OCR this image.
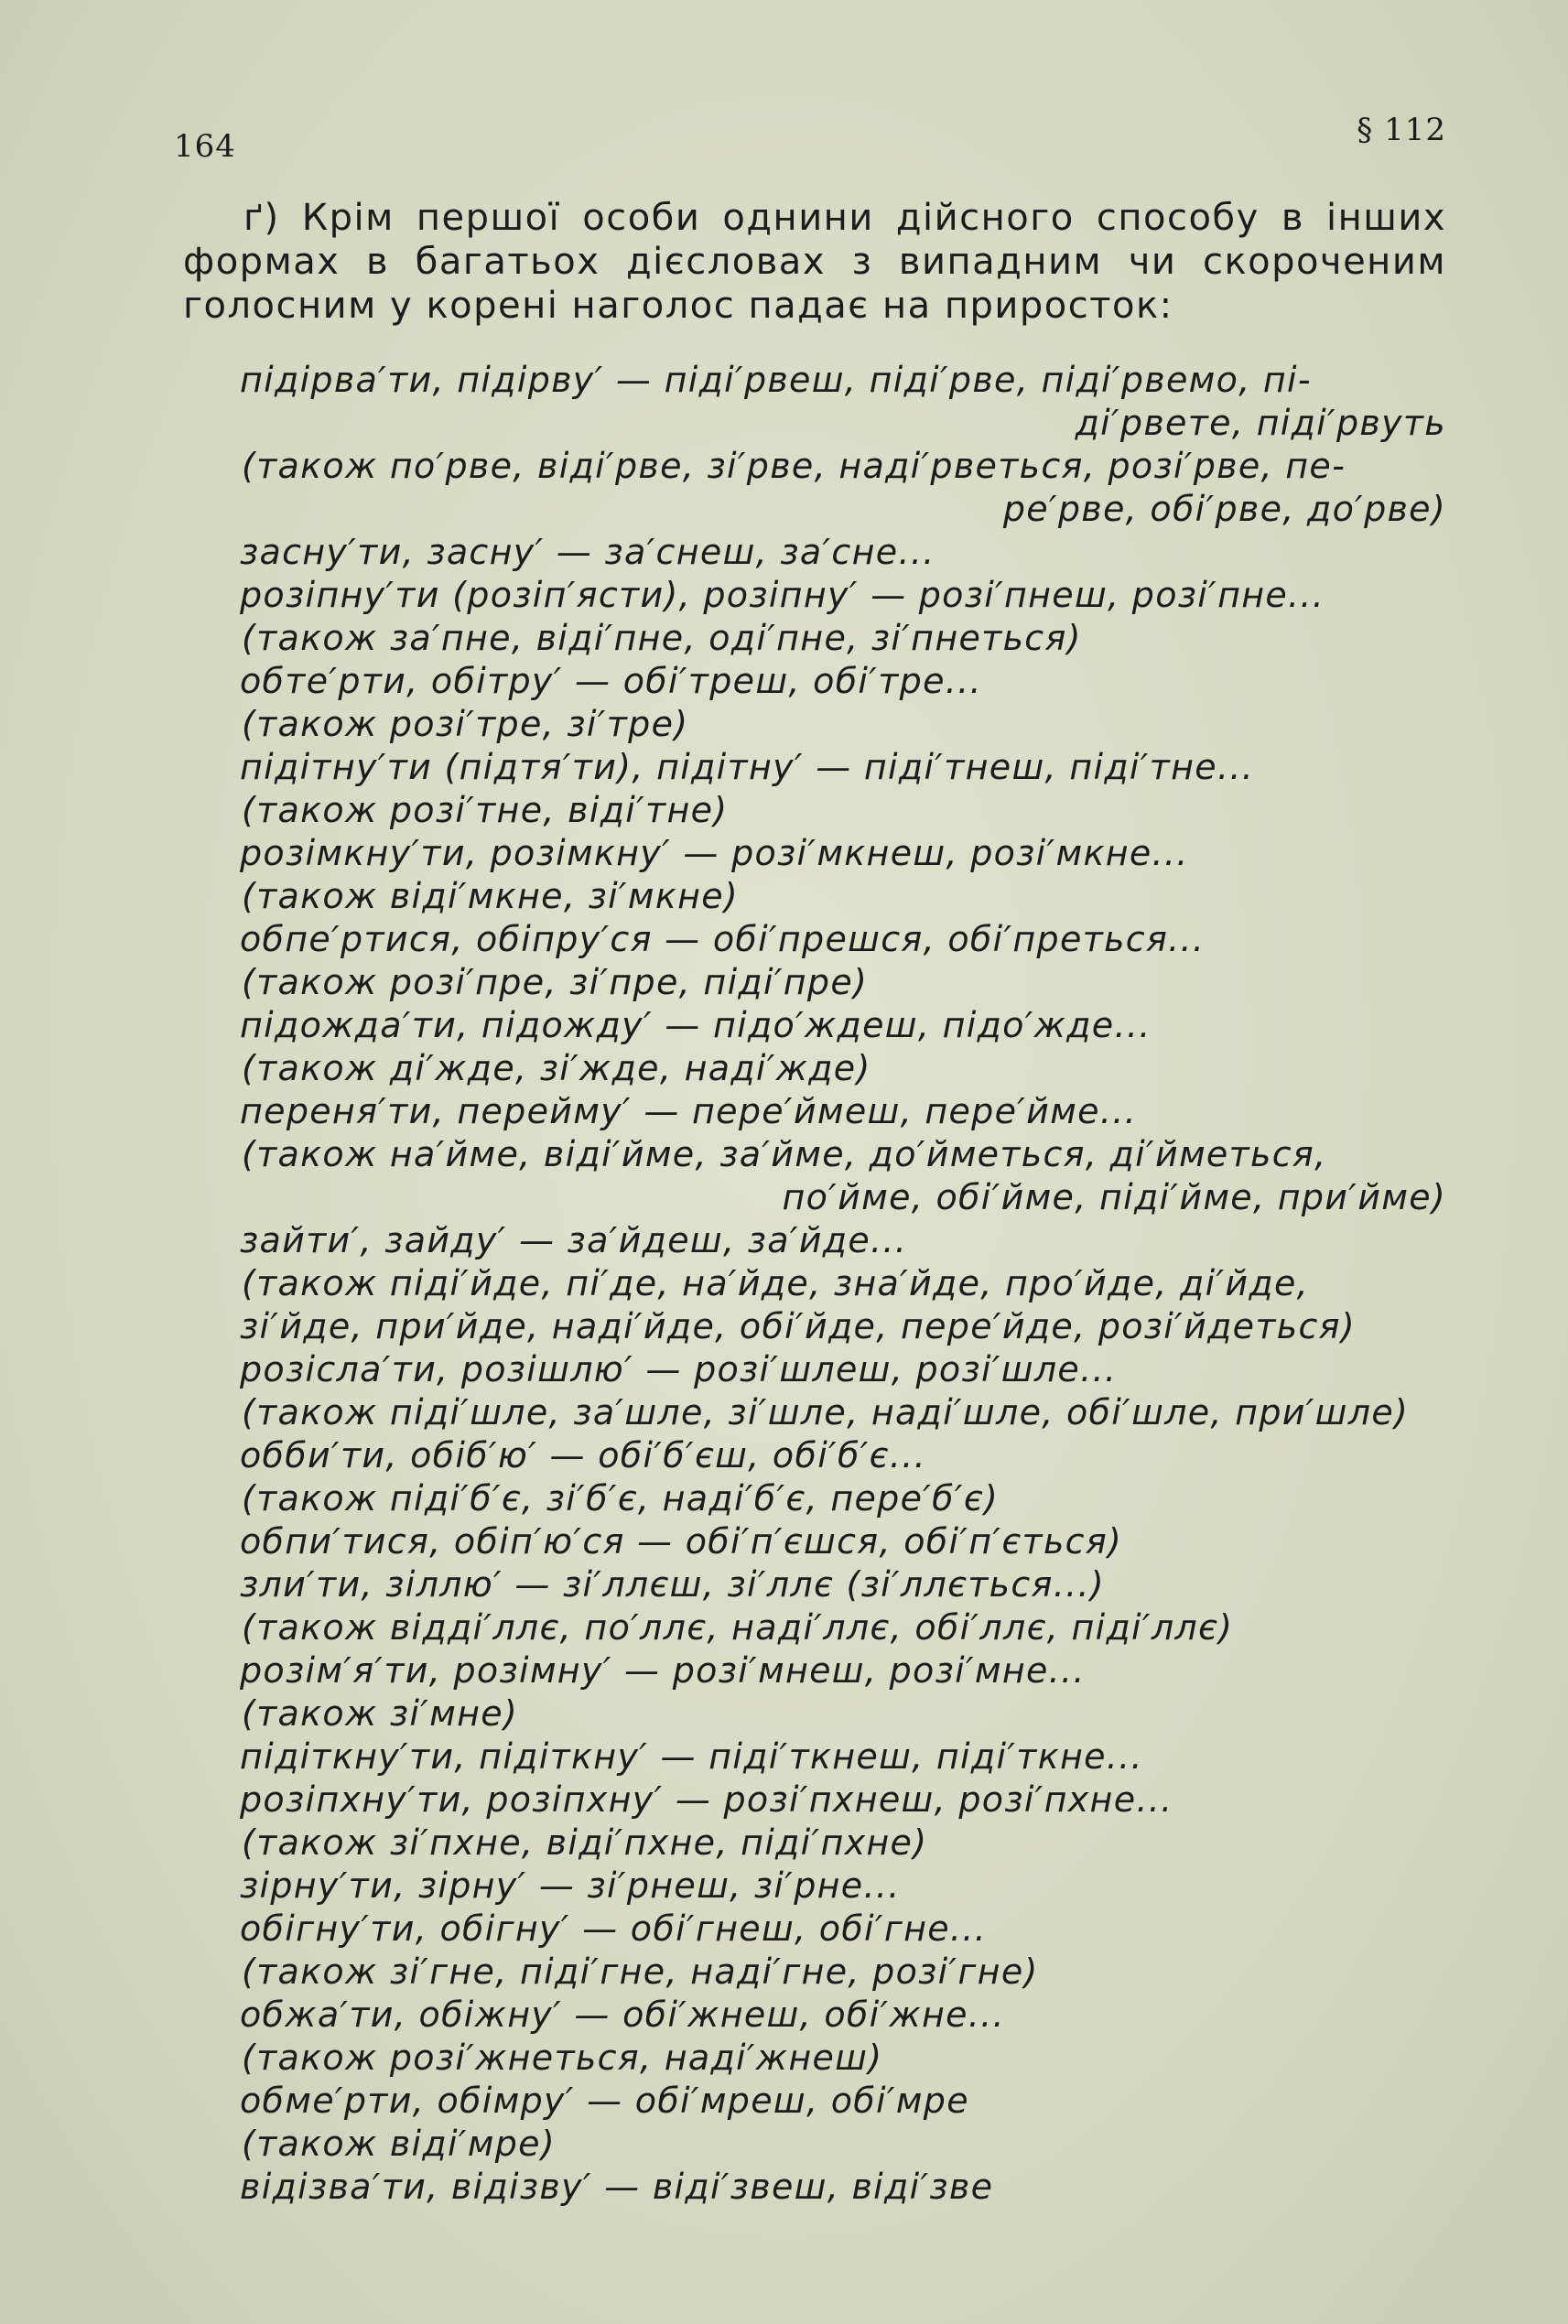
164	§ 112

ґ) Крім першої особи однини дійсного способу в інших формах в багатьох дієсловах з випадним чи скороченим голосним у корені наголос падає на приросток:

підірва′ти, підірву′ — піді′рвеш, піді′рве, піді′рвемо, пі-
ді′рвете, піді′рвуть
(також по′рве, віді′рве, зі′рве, наді′рветься, розі′рве, пе-
ре′рве, обі′рве, до′рве)
засну′ти, засну′ — за′снеш, за′сне...
розіпну′ти (розіп′ясти), розіпну′ — розі′пнеш, розі′пне...
(також за′пне, віді′пне, оді′пне, зі′пнеться)
обте′рти, обітру′ — обі′треш, обі′тре...
(також розі′тре, зі′тре)
підітну′ти (підтя′ти), підітну′ — піді′тнеш, піді′тне...
(також розі′тне, віді′тне)
розімкну′ти, розімкну′ — розі′мкнеш, розі′мкне...
(також віді′мкне, зі′мкне)
обпе′ртися, обіпру′ся — обі′прешся, обі′преться...
(також розі′пре, зі′пре, піді′пре)
підожда′ти, підожду′ — підо′ждеш, підо′жде...
(також ді′жде, зі′жде, наді′жде)
переня′ти, перейму′ — пере′ймеш, пере′йме...
(також на′йме, віді′йме, за′йме, до′йметься, ді′йметься,
по′йме, обі′йме, піді′йме, при′йме)
зайти′, зайду′ — за′йдеш, за′йде...
(також піді′йде, пі′де, на′йде, зна′йде, про′йде, ді′йде,
зі′йде, при′йде, наді′йде, обі′йде, пере′йде, розі′йдеться)
розісла′ти, розішлю′ — розі′шлеш, розі′шле...
(також піді′шле, за′шле, зі′шле, наді′шле, обі′шле, при′шле)
обби′ти, обіб′ю′ — обі′б′єш, обі′б′є...
(також піді′б′є, зі′б′є, наді′б′є, пере′б′є)
обпи′тися, обіп′ю′ся — обі′п′єшся, обі′п′ється)
зли′ти, зіллю′ — зі′ллєш, зі′ллє (зі′ллється...)
(також відді′ллє, по′ллє, наді′ллє, обі′ллє, піді′ллє)
розім′я′ти, розімну′ — розі′мнеш, розі′мне...
(також зі′мне)
підіткну′ти, підіткну′ — піді′ткнеш, піді′ткне...
розіпхну′ти, розіпхну′ — розі′пхнеш, розі′пхне...
(також зі′пхне, віді′пхне, піді′пхне)
зірну′ти, зірну′ — зі′рнеш, зі′рне...
обігну′ти, обігну′ — обі′гнеш, обі′гне...
(також зі′гне, піді′гне, наді′гне, розі′гне)
обжа′ти, обіжну′ — обі′жнеш, обі′жне...
(також розі′жнеться, наді′жнеш)
обме′рти, обімру′ — обі′мреш, обі′мре
(також віді′мре)
відізва′ти, відізву′ — віді′звеш, віді′зве
